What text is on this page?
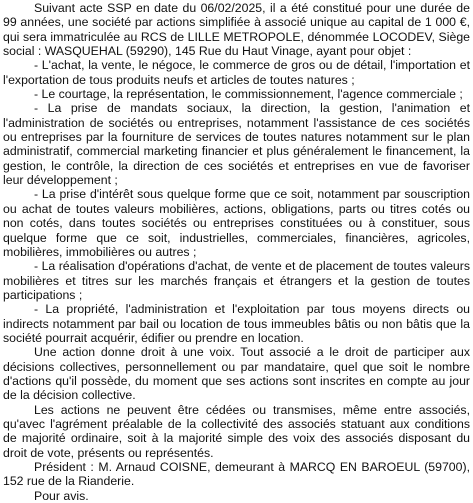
Suivant acte SSP en date du 06/02/2025, il a été constitué pour une durée de 99 années, une société par actions simplifiée à associé unique au capital de 1 000 €, qui sera immatriculée au RCS de LILLE METROPOLE, dénommée LOCODEV, Siège social : WASQUEHAL (59290), 145 Rue du Haut Vinage, ayant pour objet :

- L'achat, la vente, le négoce, le commerce de gros ou de détail, l'importation et l'exportation de tous produits neufs et articles de toutes natures ;

- Le courtage, la représentation, le commissionnement, l'agence commerciale ;

- La prise de mandats sociaux, la direction, la gestion, l'animation et l'administration de sociétés ou entreprises, notamment l'assistance de ces sociétés ou entreprises par la fourniture de services de toutes natures notamment sur le plan administratif, commercial marketing financier et plus généralement le financement, la gestion, le contrôle, la direction de ces sociétés et entreprises en vue de favoriser leur développement ;

- La prise d'intérêt sous quelque forme que ce soit, notamment par souscription ou achat de toutes valeurs mobilières, actions, obligations, parts ou titres cotés ou non cotés, dans toutes sociétés ou entreprises constituées ou à constituer, sous quelque forme que ce soit, industrielles, commerciales, financières, agricoles, mobilières, immobilières ou autres ;

- La réalisation d'opérations d'achat, de vente et de placement de toutes valeurs mobilières et titres sur les marchés français et étrangers et la gestion de toutes participations ;

- La propriété, l'administration et l'exploitation par tous moyens directs ou indirects notamment par bail ou location de tous immeubles bâtis ou non bâtis que la société pourrait acquérir, édifier ou prendre en location.

Une action donne droit à une voix. Tout associé a le droit de participer aux décisions collectives, personnellement ou par mandataire, quel que soit le nombre d'actions qu'il possède, du moment que ses actions sont inscrites en compte au jour de la décision collective.

Les actions ne peuvent être cédées ou transmises, même entre associés, qu'avec l'agrément préalable de la collectivité des associés statuant aux conditions de majorité ordinaire, soit à la majorité simple des voix des associés disposant du droit de vote, présents ou représentés.

Président : M. Arnaud COISNE, demeurant à MARCQ EN BAROEUL (59700), 152 rue de la Rianderie.

Pour avis.
